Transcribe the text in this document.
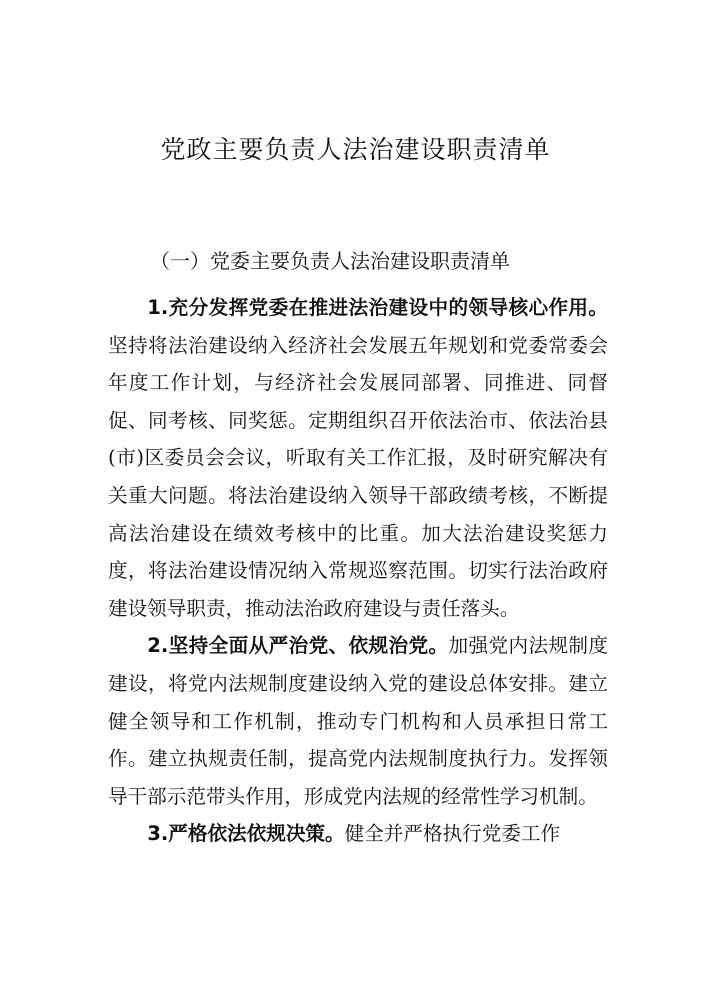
党政主要负责人法治建设职责清单
（一）党委主要负责人法治建设职责清单

1.充分发挥党委在推进法治建设中的领导核心作用。坚持将法治建设纳入经济社会发展五年规划和党委常委会年度工作计划，与经济社会发展同部署、同推进、同督促、同考核、同奖惩。定期组织召开依法治市、依法治县(市)区委员会会议，听取有关工作汇报，及时研究解决有关重大问题。将法治建设纳入领导干部政绩考核，不断提高法治建设在绩效考核中的比重。加大法治建设奖惩力度，将法治建设情况纳入常规巡察范围。切实行法治政府建设领导职责，推动法治政府建设与责任落头。

2.坚持全面从严治党、依规治党。加强党内法规制度建设，将党内法规制度建设纳入党的建设总体安排。建立健全领导和工作机制，推动专门机构和人员承担日常工作。建立执规责任制，提高党内法规制度执行力。发挥领导干部示范带头作用，形成党内法规的经常性学习机制。

3.严格依法依规决策。健全并严格执行党委工作
